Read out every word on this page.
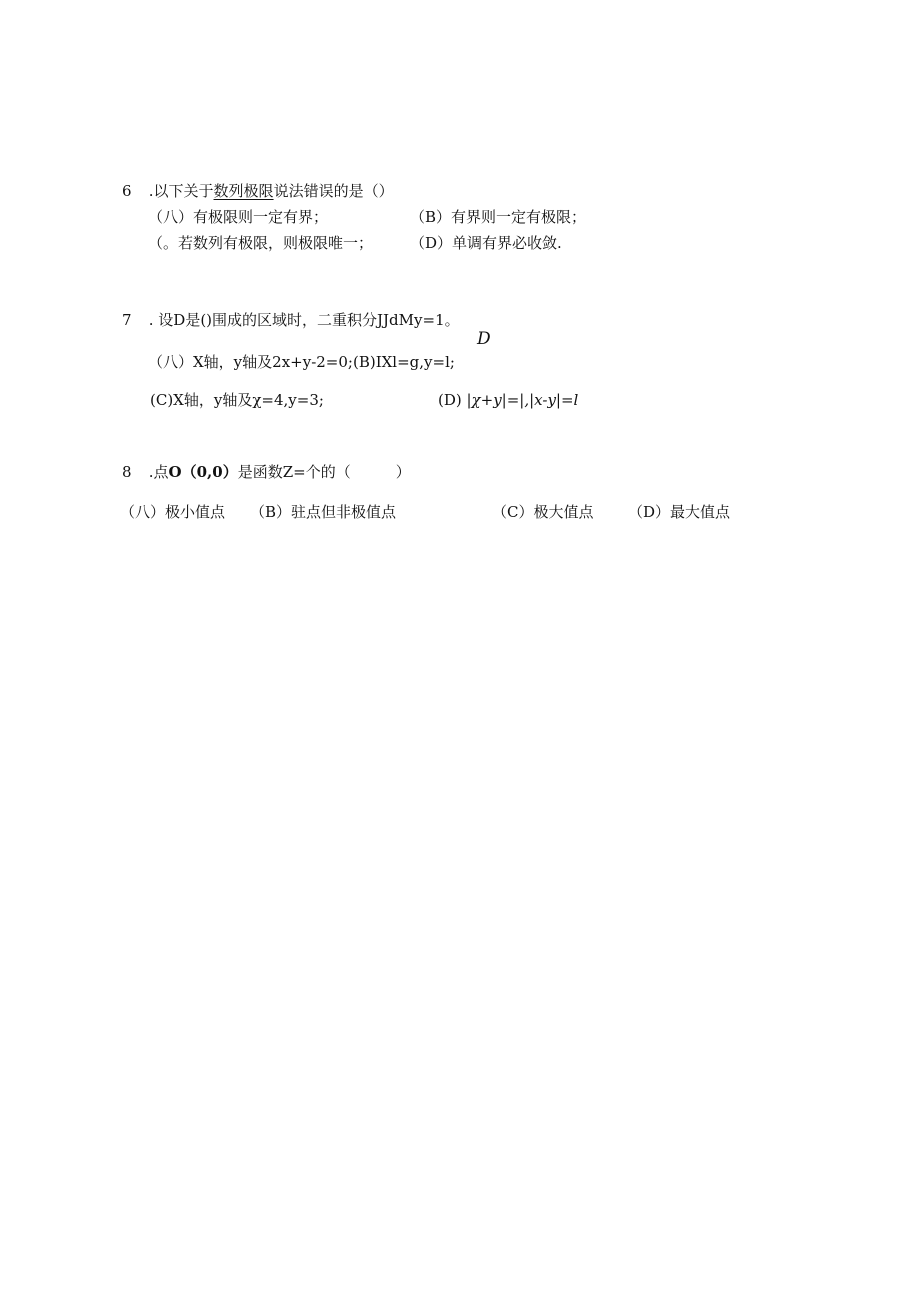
6 .以下关于数列极限说法错误的是（）
（八）有极限则一定有界；	（B）有界则一定有极限；
（。若数列有极限，则极限唯一； （D）单调有界必收敛.
7 . 设D是()围成的区域时，二重积分JJdMy=1。
D
（八）X轴，y轴及2x+y-2=0;(B)IXl=g,y=l;
(C)X轴，y轴及χ=4,y=3;	(D) |χ+y|=|,|x-y|=l
8 .点O（0,0）是函数Z=个的（　　　）
（八）极小值点 （B）驻点但非极值点	（C）极大值点 （D）最大值点
